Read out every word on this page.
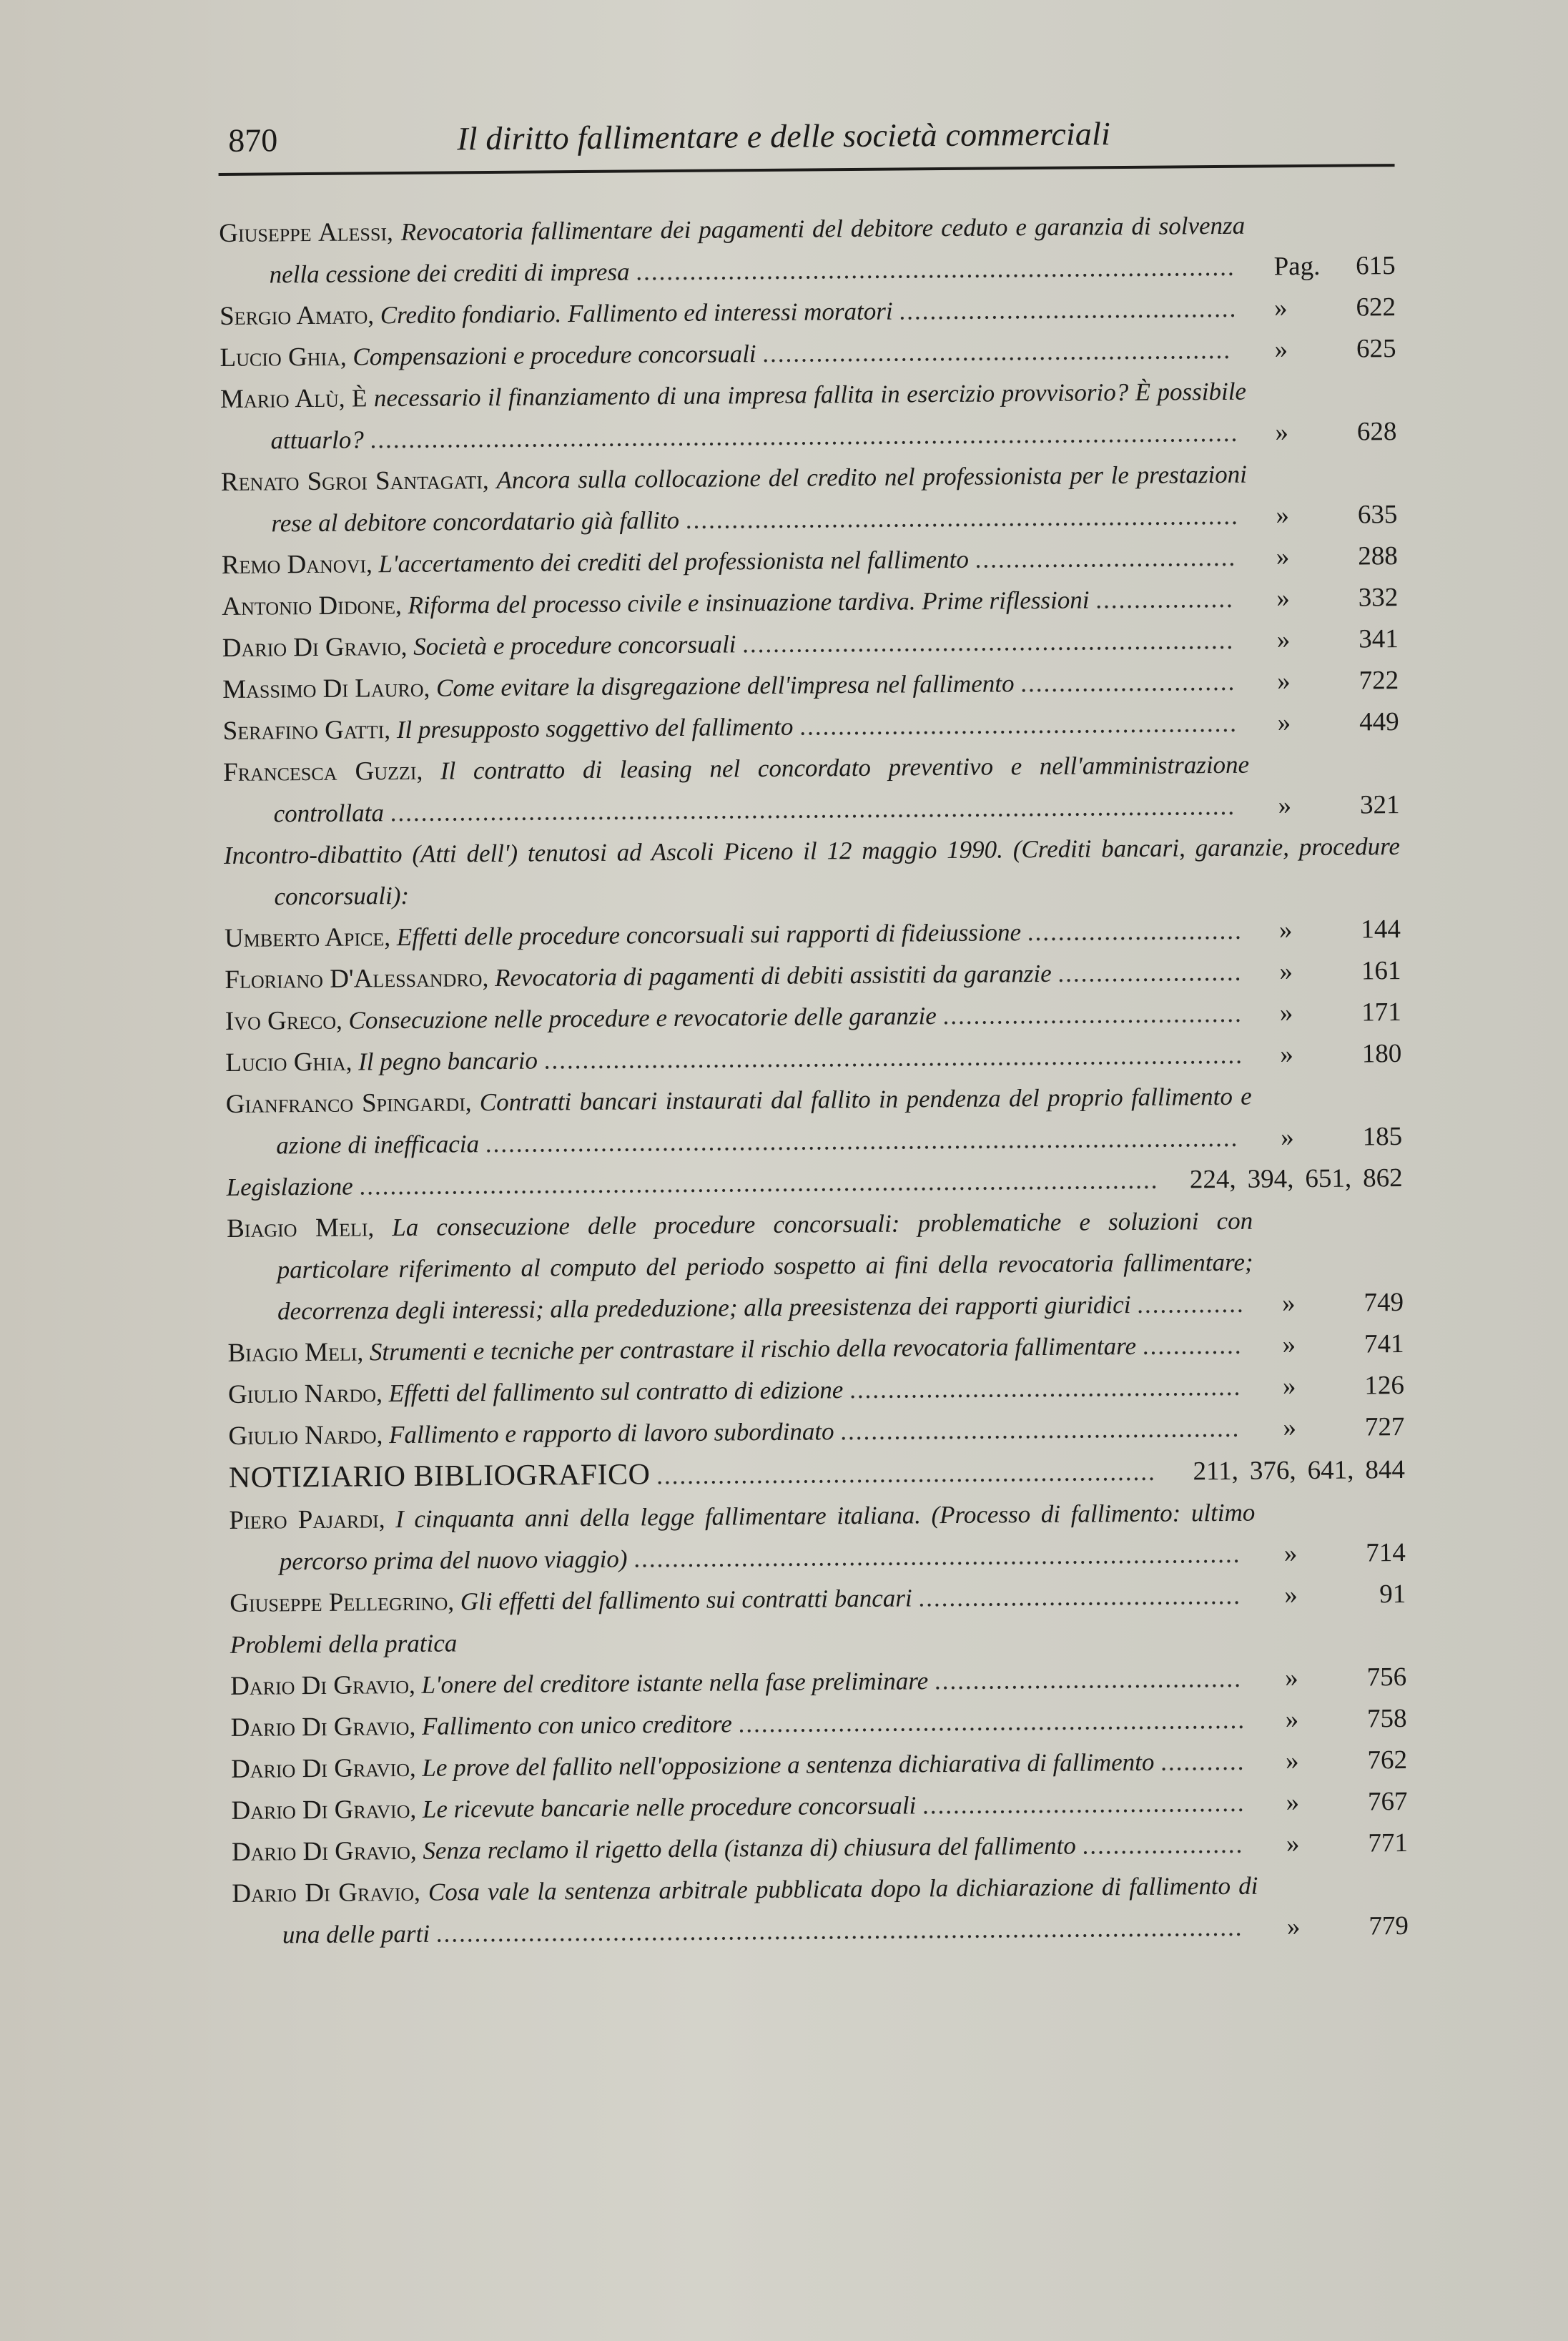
870	Il diritto fallimentare e delle società commerciali
Giuseppe Alessi, Revocatoria fallimentare dei pagamenti del debitore ceduto e garanzia di solvenza nella cessione dei crediti di impresa ..............................................................................	Pag. 615
Sergio Amato, Credito fondiario. Fallimento ed interessi moratori ............................................	»	622
Lucio Ghia, Compensazioni e procedure concorsuali .............................................................	»	625
Mario Alù, È necessario il finanziamento di una impresa fallita in esercizio provvisorio? È possibile attuarlo? .................................................................................................................	»	628
Renato Sgroi Santagati, Ancora sulla collocazione del credito nel professionista per le prestazioni rese al debitore concordatario già fallito ........................................................................	»	635
Remo Danovi, L'accertamento dei crediti del professionista nel fallimento ..................................	»	288
Antonio Didone, Riforma del processo civile e insinuazione tardiva. Prime riflessioni ..................	»	332
Dario Di Gravio, Società e procedure concorsuali ................................................................	»	341
Massimo Di Lauro, Come evitare la disgregazione dell'impresa nel fallimento ............................	»	722
Serafino Gatti, Il presupposto soggettivo del fallimento .........................................................	»	449
Francesca Guzzi, Il contratto di leasing nel concordato preventivo e nell'amministrazione controllata ..............................................................................................................	»	321
Incontro-dibattito (Atti dell') tenutosi ad Ascoli Piceno il 12 maggio 1990. (Crediti bancari, garanzie, procedure concorsuali):
Umberto Apice, Effetti delle procedure concorsuali sui rapporti di fideiussione ............................	»	144
Floriano D'Alessandro, Revocatoria di pagamenti di debiti assistiti da garanzie ........................	»	161
Ivo Greco, Consecuzione nelle procedure e revocatorie delle garanzie .......................................	»	171
Lucio Ghia, Il pegno bancario ...........................................................................................	»	180
Gianfranco Spingardi, Contratti bancari instaurati dal fallito in pendenza del proprio fallimento e azione di inefficacia ..................................................................................................	»	185
Legislazione ........................................................................................................	224, 394, 651, 862
Biagio Meli, La consecuzione delle procedure concorsuali: problematiche e soluzioni con particolare riferimento al computo del periodo sospetto ai fini della revocatoria fallimentare; decorrenza degli interessi; alla prededuzione; alla preesistenza dei rapporti giuridici ..............	»	749
Biagio Meli, Strumenti e tecniche per contrastare il rischio della revocatoria fallimentare .............	»	741
Giulio Nardo, Effetti del fallimento sul contratto di edizione ...................................................	»	126
Giulio Nardo, Fallimento e rapporto di lavoro subordinato ....................................................	»	727
NOTIZIARIO BIBLIOGRAFICO .................................................................	211, 376, 641, 844
Piero Pajardi, I cinquanta anni della legge fallimentare italiana. (Processo di fallimento: ultimo percorso prima del nuovo viaggio) ...............................................................................	»	714
Giuseppe Pellegrino, Gli effetti del fallimento sui contratti bancari ..........................................	»	91
Problemi della pratica
Dario Di Gravio, L'onere del creditore istante nella fase preliminare ........................................	»	756
Dario Di Gravio, Fallimento con unico creditore ..................................................................	»	758
Dario Di Gravio, Le prove del fallito nell'opposizione a sentenza dichiarativa di fallimento ...........	»	762
Dario Di Gravio, Le ricevute bancarie nelle procedure concorsuali ..........................................	»	767
Dario Di Gravio, Senza reclamo il rigetto della (istanza di) chiusura del fallimento .....................	»	771
Dario Di Gravio, Cosa vale la sentenza arbitrale pubblicata dopo la dichiarazione di fallimento di una delle parti .........................................................................................................	»	779
